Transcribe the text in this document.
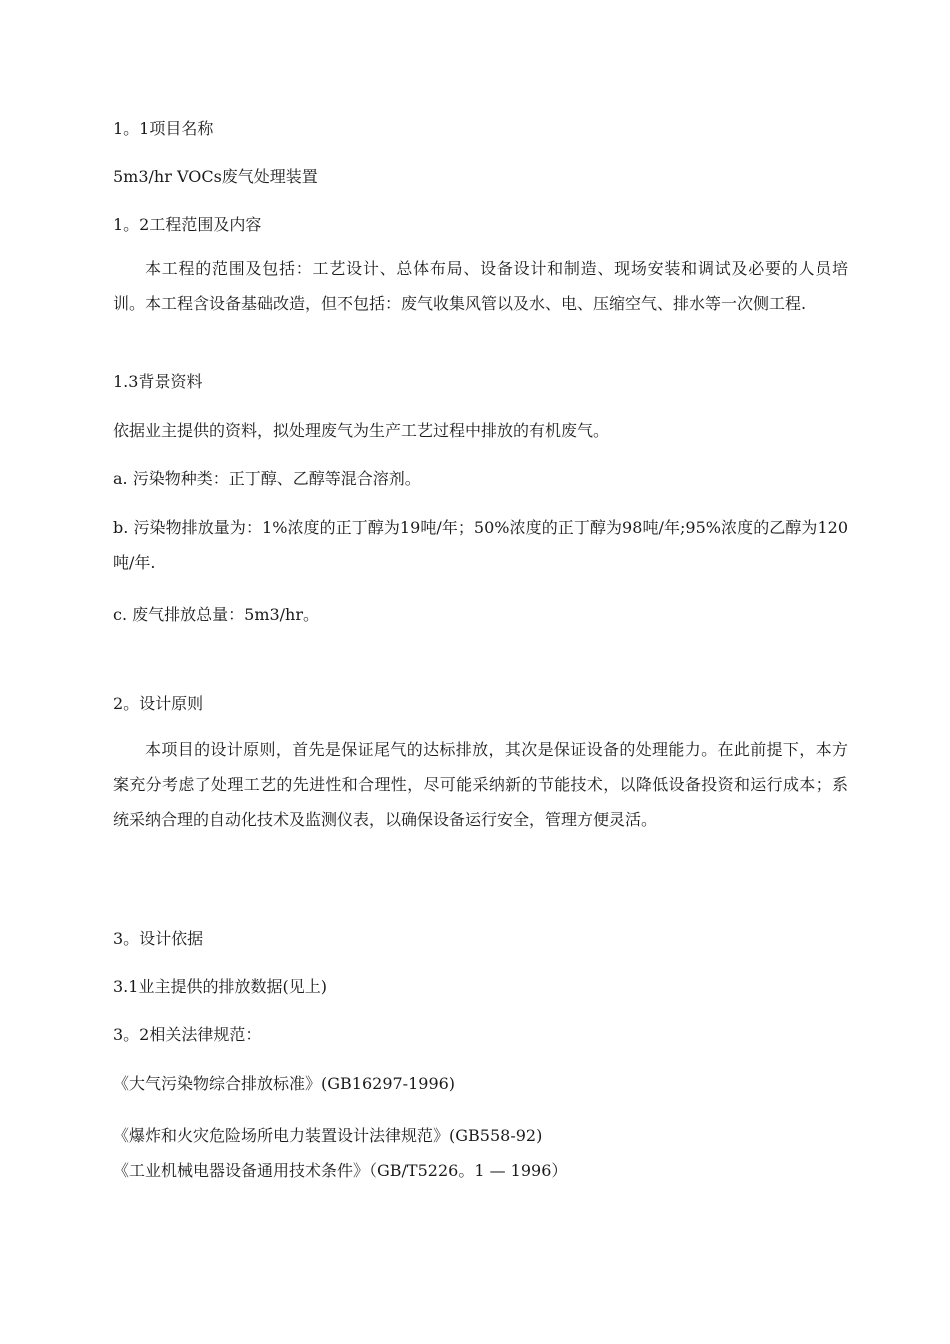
1。1项目名称
5m3/hr VOCs废气处理装置
1。2工程范围及内容
本工程的范围及包括：工艺设计、总体布局、设备设计和制造、现场安装和调试及必要的人员培训。本工程含设备基础改造，但不包括：废气收集风管以及水、电、压缩空气、排水等一次侧工程.
1.3背景资料
依据业主提供的资料，拟处理废气为生产工艺过程中排放的有机废气。
a. 污染物种类：正丁醇、乙醇等混合溶剂。
b. 污染物排放量为：1%浓度的正丁醇为19吨/年；50%浓度的正丁醇为98吨/年;95%浓度的乙醇为120吨/年.
c. 废气排放总量：5m3/hr。
2。设计原则
本项目的设计原则，首先是保证尾气的达标排放，其次是保证设备的处理能力。在此前提下，本方案充分考虑了处理工艺的先进性和合理性，尽可能采纳新的节能技术，以降低设备投资和运行成本；系统采纳合理的自动化技术及监测仪表，以确保设备运行安全，管理方便灵活。
3。设计依据
3.1业主提供的排放数据(见上)
3。2相关法律规范：
《大气污染物综合排放标准》(GB16297-1996)
《爆炸和火灾危险场所电力装置设计法律规范》(GB558-92)
《工业机械电器设备通用技术条件》（GB/T5226。1 — 1996）
